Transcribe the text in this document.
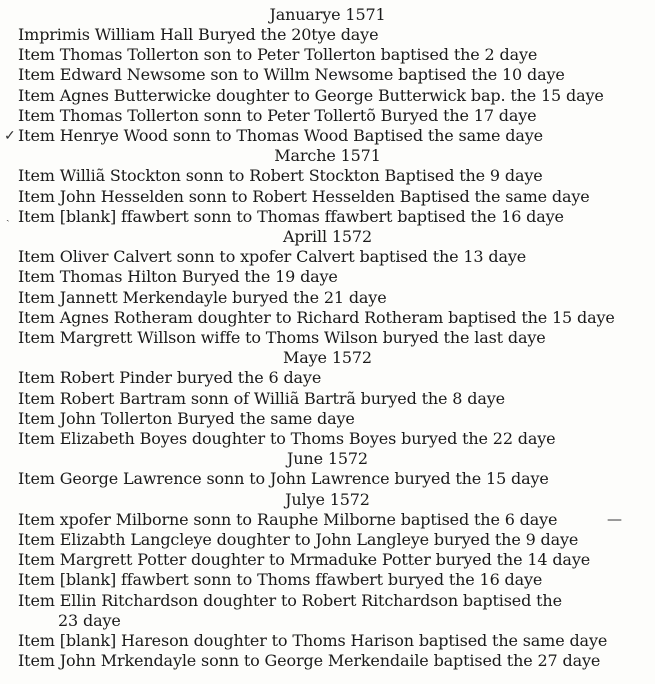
Januarye 1571
Imprimis William Hall Buryed the 20tye daye
Item Thomas Tollerton son to Peter Tollerton baptised the 2 daye
Item Edward Newsome son to Willm Newsome baptised the 10 daye
Item Agnes Butterwicke doughter to George Butterwick bap. the 15 daye
Item Thomas Tollerton sonn to Peter Tollertõ Buryed the 17 daye
Item Henrye Wood sonn to Thomas Wood Baptised the same daye
Marche 1571
Item Williã Stockton sonn to Robert Stockton Baptised the 9 daye
Item John Hesselden sonn to Robert Hesselden Baptised the same daye
Item [blank] ffawbert sonn to Thomas ffawbert baptised the 16 daye
Aprill 1572
Item Oliver Calvert sonn to xpofer Calvert baptised the 13 daye
Item Thomas Hilton Buryed the 19 daye
Item Jannett Merkendayle buryed the 21 daye
Item Agnes Rotheram doughter to Richard Rotheram baptised the 15 daye
Item Margrett Willson wiffe to Thoms Wilson buryed the last daye
Maye 1572
Item Robert Pinder buryed the 6 daye
Item Robert Bartram sonn of Williã Bartrã buryed the 8 daye
Item John Tollerton Buryed the same daye
Item Elizabeth Boyes doughter to Thoms Boyes buryed the 22 daye
June 1572
Item George Lawrence sonn to John Lawrence buryed the 15 daye
Julye 1572
Item xpofer Milborne sonn to Rauphe Milborne baptised the 6 daye
Item Elizabth Langcleye doughter to John Langleye buryed the 9 daye
Item Margrett Potter doughter to Mrmaduke Potter buryed the 14 daye
Item [blank] ffawbert sonn to Thoms ffawbert buryed the 16 daye
Item Ellin Ritchardson doughter to Robert Ritchardson baptised the
23 daye
Item [blank] Hareson doughter to Thoms Harison baptised the same daye
Item John Mrkendayle sonn to George Merkendaile baptised the 27 daye
✓
ˏ
—
